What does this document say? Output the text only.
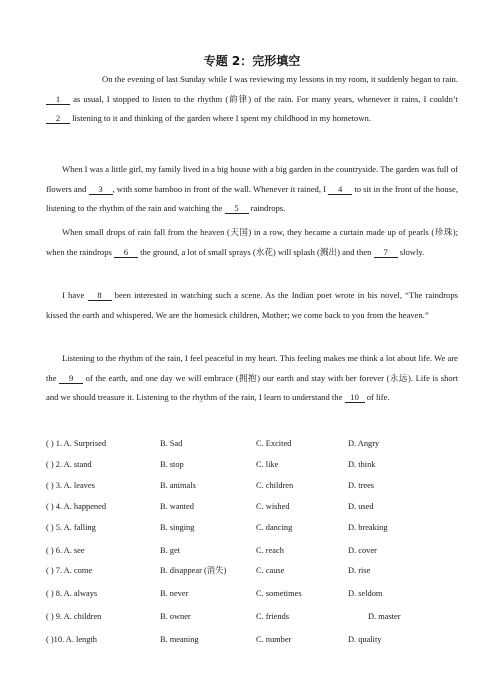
专题 2：完形填空

On the evening of last Sunday while I was reviewing my lessons in my room, it suddenly began to rain. 1 as usual, I stopped to listen to the rhythm (韵律) of the rain. For many years, whenever it rains, I couldn’t 2 listening to it and thinking of the garden where I spent my childhood in my hometown.

When I was a little girl, my family lived in a big house with a big garden in the countryside. The garden was full of flowers and 3 , with some bamboo in front of the wall. Whenever it rained, I 4 to sit in the front of the house, listening to the rhythm of the rain and watching the 5 raindrops.

When small drops of rain fall from the heaven (天国) in a row, they became a curtain made up of pearls (珍珠); when the raindrops 6 the ground, a lot of small sprays (水花) will splash (溅出) and then 7 slowly.

I have 8 been interested in watching such a scene. As the Indian poet wrote in his novel, “The raindrops kissed the earth and whispered. We are the homesick children, Mother; we come back to you from the heaven.”

Listening to the rhythm of the rain, I feel peaceful in my heart. This feeling makes me think a lot about life. We are the 9 of the earth, and one day we will embrace (拥抱) our earth and stay with her forever (永远). Life is short and we should treasure it. Listening to the rhythm of the rain, I learn to understand the 10 of life.

( ) 1. A. Surprised	B. Sad	C. Excited	D. Angry
( ) 2. A. stand	B. stop	C. like	D. think
( ) 3. A. leaves	B. animals	C. children	D. trees
( ) 4. A. happened	B. wanted	C. wished	D. used
( ) 5. A. falling	B. singing	C. dancing	D. breaking
( ) 6. A. see	B. get	C. reach	D. cover
( ) 7. A. come	B. disappear (消失)	C. cause	D. rise
( ) 8. A. always	B. never	C. sometimes	D. seldom
( ) 9. A. children	B. owner	C. friends	D. master
( )10. A. length	B. meaning	C. number	D. quality
